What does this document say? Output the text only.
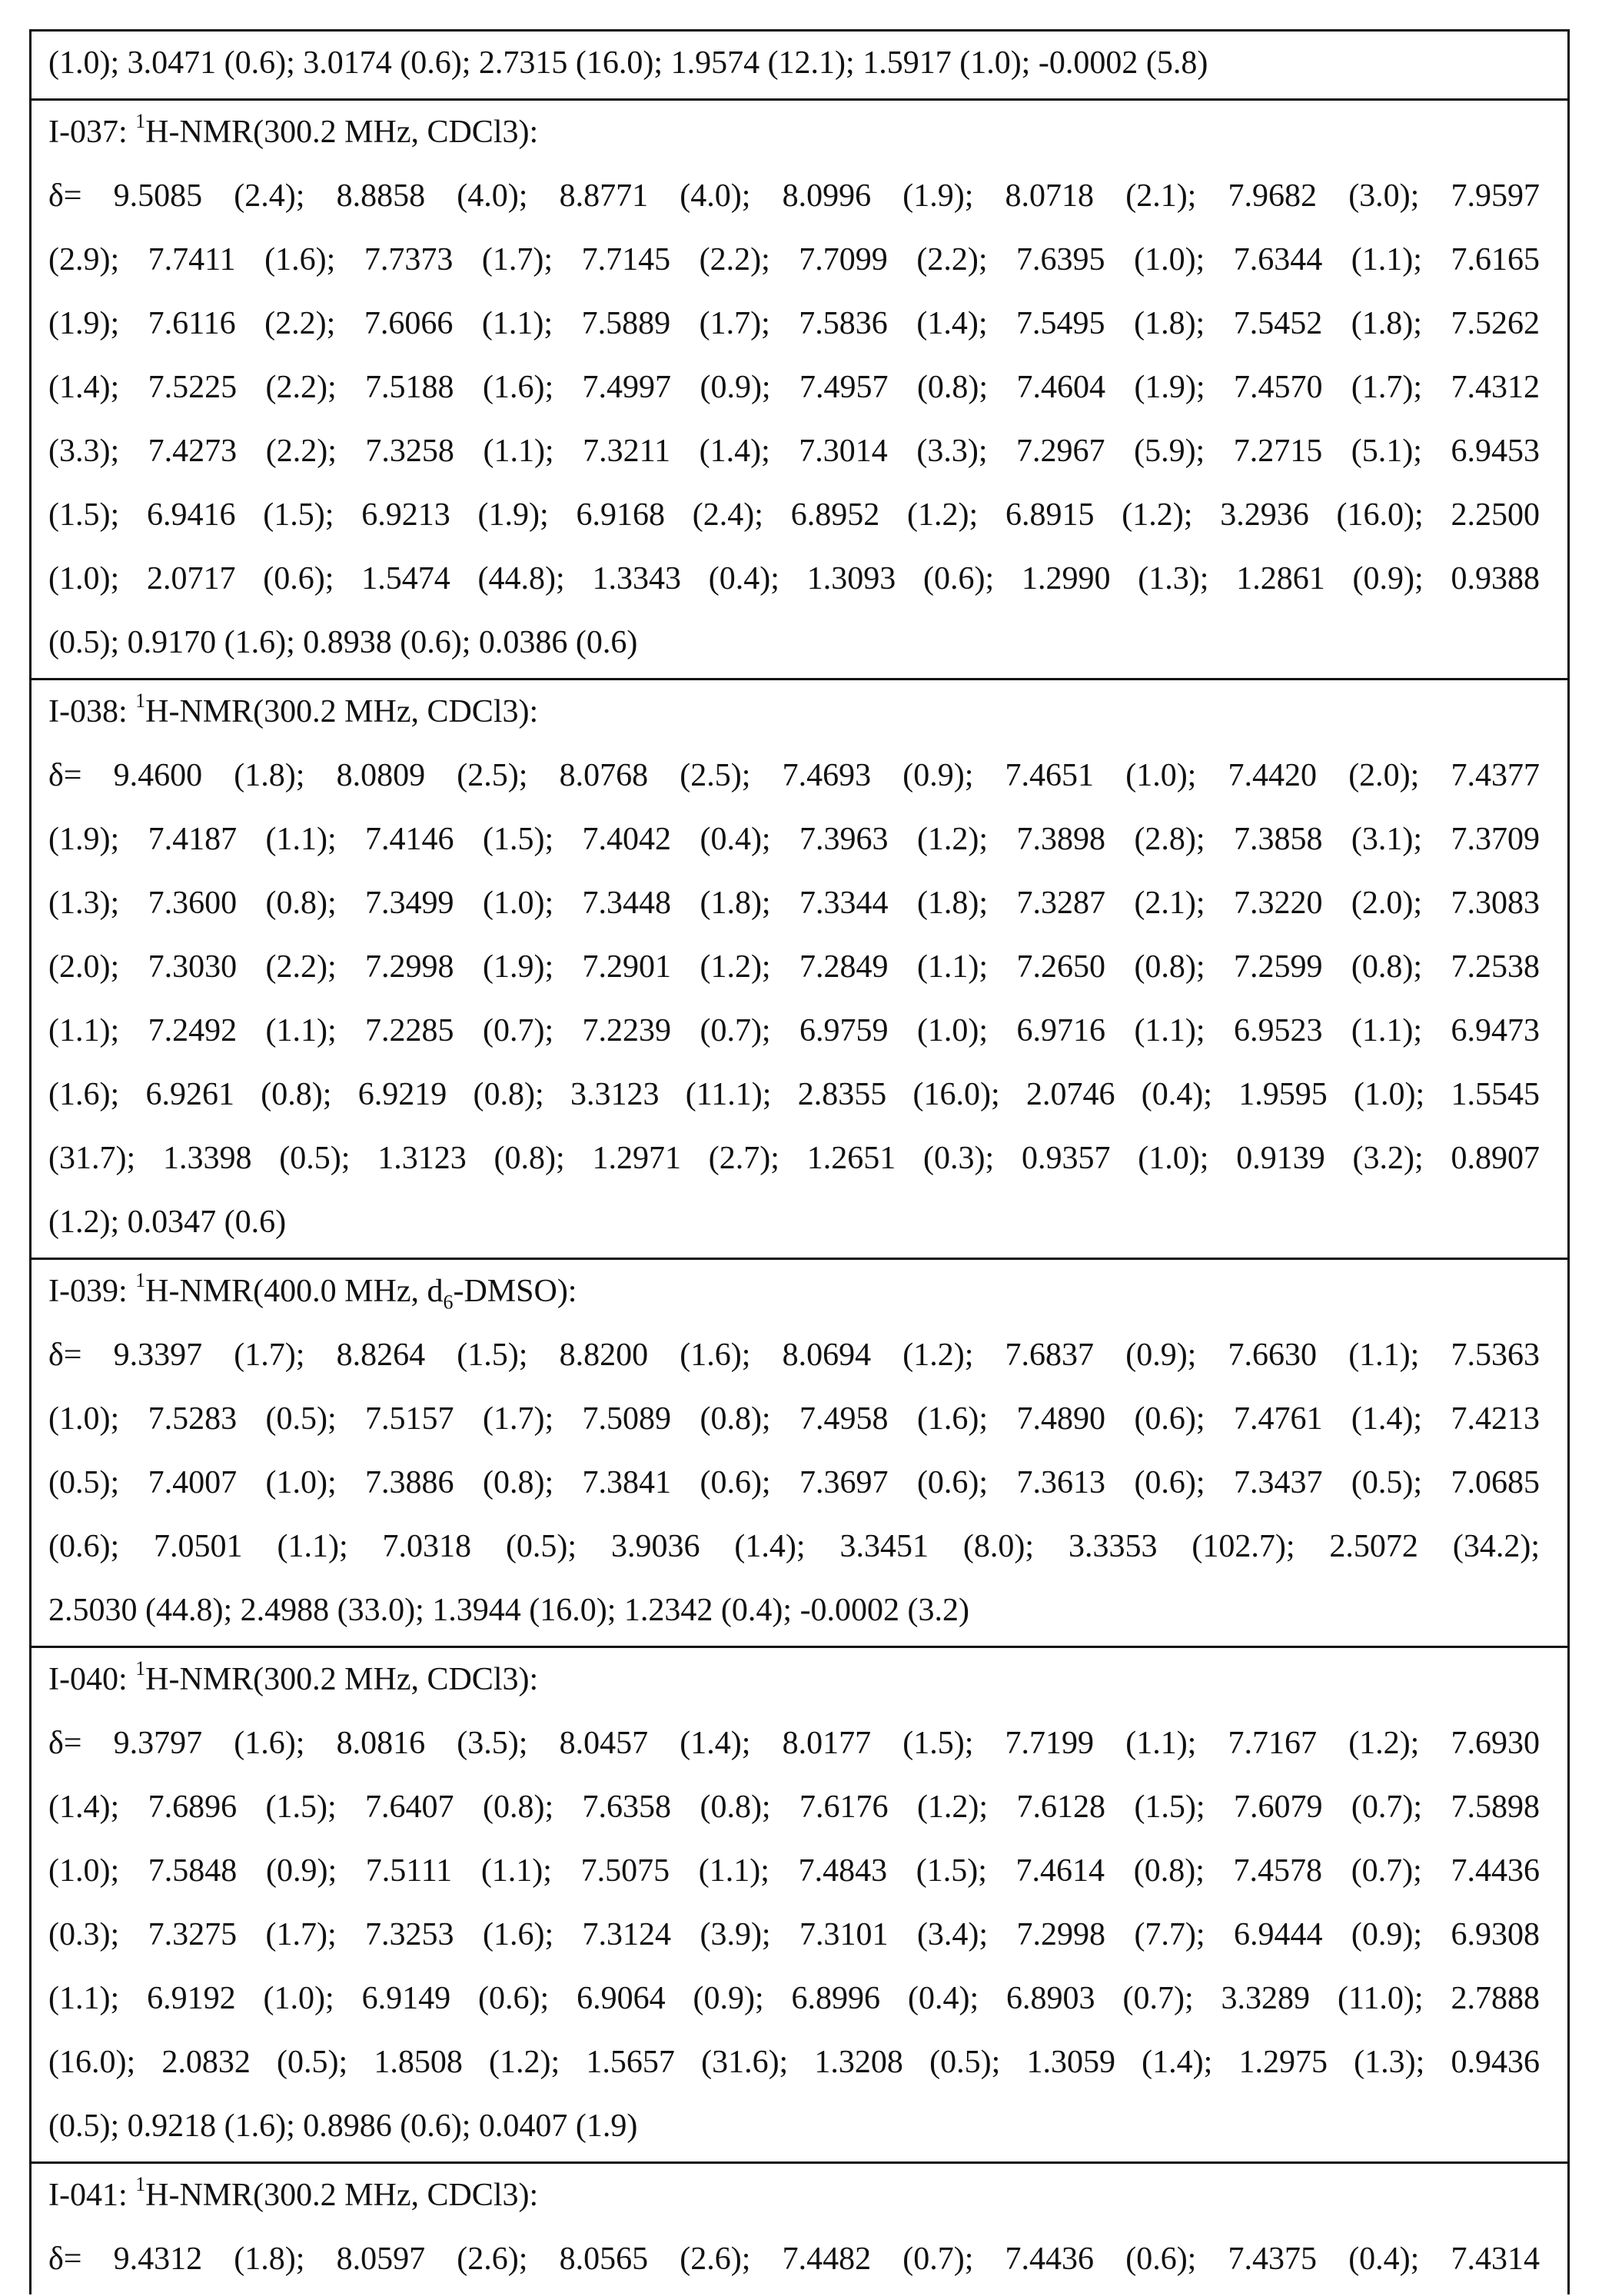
(1.0); 3.0471 (0.6); 3.0174 (0.6); 2.7315 (16.0); 1.9574 (12.1); 1.5917 (1.0); -0.0002 (5.8)
I-037: 1H-NMR(300.2 MHz, CDCl3):
δ= 9.5085 (2.4); 8.8858 (4.0); 8.8771 (4.0); 8.0996 (1.9); 8.0718 (2.1); 7.9682 (3.0); 7.9597
(2.9); 7.7411 (1.6); 7.7373 (1.7); 7.7145 (2.2); 7.7099 (2.2); 7.6395 (1.0); 7.6344 (1.1); 7.6165
(1.9); 7.6116 (2.2); 7.6066 (1.1); 7.5889 (1.7); 7.5836 (1.4); 7.5495 (1.8); 7.5452 (1.8); 7.5262
(1.4); 7.5225 (2.2); 7.5188 (1.6); 7.4997 (0.9); 7.4957 (0.8); 7.4604 (1.9); 7.4570 (1.7); 7.4312
(3.3); 7.4273 (2.2); 7.3258 (1.1); 7.3211 (1.4); 7.3014 (3.3); 7.2967 (5.9); 7.2715 (5.1); 6.9453
(1.5); 6.9416 (1.5); 6.9213 (1.9); 6.9168 (2.4); 6.8952 (1.2); 6.8915 (1.2); 3.2936 (16.0); 2.2500
(1.0); 2.0717 (0.6); 1.5474 (44.8); 1.3343 (0.4); 1.3093 (0.6); 1.2990 (1.3); 1.2861 (0.9); 0.9388
(0.5); 0.9170 (1.6); 0.8938 (0.6); 0.0386 (0.6)
I-038: 1H-NMR(300.2 MHz, CDCl3):
δ= 9.4600 (1.8); 8.0809 (2.5); 8.0768 (2.5); 7.4693 (0.9); 7.4651 (1.0); 7.4420 (2.0); 7.4377
(1.9); 7.4187 (1.1); 7.4146 (1.5); 7.4042 (0.4); 7.3963 (1.2); 7.3898 (2.8); 7.3858 (3.1); 7.3709
(1.3); 7.3600 (0.8); 7.3499 (1.0); 7.3448 (1.8); 7.3344 (1.8); 7.3287 (2.1); 7.3220 (2.0); 7.3083
(2.0); 7.3030 (2.2); 7.2998 (1.9); 7.2901 (1.2); 7.2849 (1.1); 7.2650 (0.8); 7.2599 (0.8); 7.2538
(1.1); 7.2492 (1.1); 7.2285 (0.7); 7.2239 (0.7); 6.9759 (1.0); 6.9716 (1.1); 6.9523 (1.1); 6.9473
(1.6); 6.9261 (0.8); 6.9219 (0.8); 3.3123 (11.1); 2.8355 (16.0); 2.0746 (0.4); 1.9595 (1.0); 1.5545
(31.7); 1.3398 (0.5); 1.3123 (0.8); 1.2971 (2.7); 1.2651 (0.3); 0.9357 (1.0); 0.9139 (3.2); 0.8907
(1.2); 0.0347 (0.6)
I-039: 1H-NMR(400.0 MHz, d6-DMSO):
δ= 9.3397 (1.7); 8.8264 (1.5); 8.8200 (1.6); 8.0694 (1.2); 7.6837 (0.9); 7.6630 (1.1); 7.5363
(1.0); 7.5283 (0.5); 7.5157 (1.7); 7.5089 (0.8); 7.4958 (1.6); 7.4890 (0.6); 7.4761 (1.4); 7.4213
(0.5); 7.4007 (1.0); 7.3886 (0.8); 7.3841 (0.6); 7.3697 (0.6); 7.3613 (0.6); 7.3437 (0.5); 7.0685
(0.6); 7.0501 (1.1); 7.0318 (0.5); 3.9036 (1.4); 3.3451 (8.0); 3.3353 (102.7); 2.5072 (34.2);
2.5030 (44.8); 2.4988 (33.0); 1.3944 (16.0); 1.2342 (0.4); -0.0002 (3.2)
I-040: 1H-NMR(300.2 MHz, CDCl3):
δ= 9.3797 (1.6); 8.0816 (3.5); 8.0457 (1.4); 8.0177 (1.5); 7.7199 (1.1); 7.7167 (1.2); 7.6930
(1.4); 7.6896 (1.5); 7.6407 (0.8); 7.6358 (0.8); 7.6176 (1.2); 7.6128 (1.5); 7.6079 (0.7); 7.5898
(1.0); 7.5848 (0.9); 7.5111 (1.1); 7.5075 (1.1); 7.4843 (1.5); 7.4614 (0.8); 7.4578 (0.7); 7.4436
(0.3); 7.3275 (1.7); 7.3253 (1.6); 7.3124 (3.9); 7.3101 (3.4); 7.2998 (7.7); 6.9444 (0.9); 6.9308
(1.1); 6.9192 (1.0); 6.9149 (0.6); 6.9064 (0.9); 6.8996 (0.4); 6.8903 (0.7); 3.3289 (11.0); 2.7888
(16.0); 2.0832 (0.5); 1.8508 (1.2); 1.5657 (31.6); 1.3208 (0.5); 1.3059 (1.4); 1.2975 (1.3); 0.9436
(0.5); 0.9218 (1.6); 0.8986 (0.6); 0.0407 (1.9)
I-041: 1H-NMR(300.2 MHz, CDCl3):
δ= 9.4312 (1.8); 8.0597 (2.6); 8.0565 (2.6); 7.4482 (0.7); 7.4436 (0.6); 7.4375 (0.4); 7.4314
